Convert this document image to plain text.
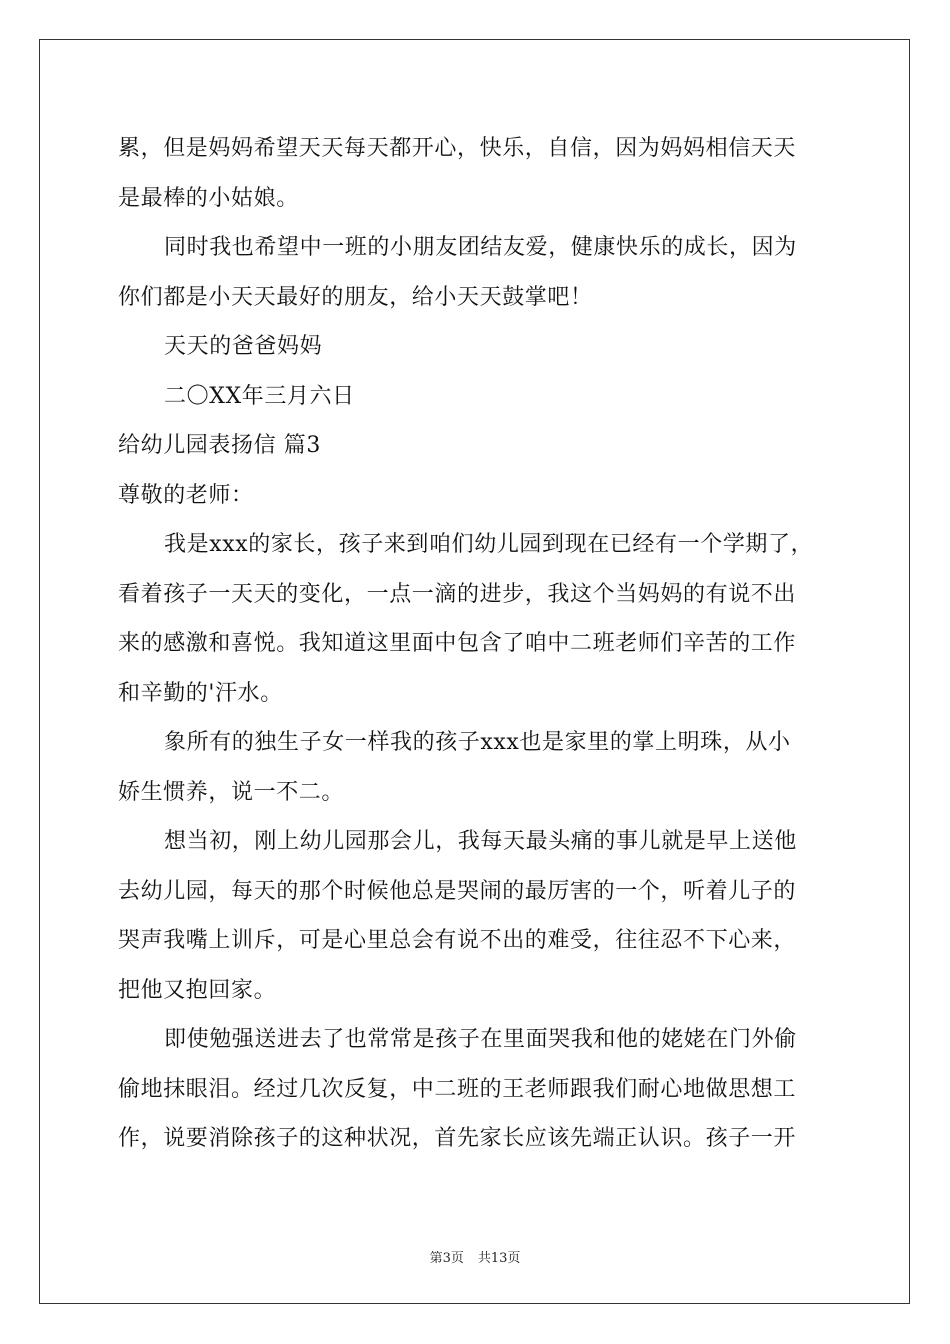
累，但是妈妈希望天天每天都开心，快乐，自信，因为妈妈相信天天
是最棒的小姑娘。
同时我也希望中一班的小朋友团结友爱，健康快乐的成长，因为
你们都是小天天最好的朋友，给小天天鼓掌吧！
天天的爸爸妈妈
二〇XX年三月六日
给幼儿园表扬信 篇3
尊敬的老师：
我是xxx的家长，孩子来到咱们幼儿园到现在已经有一个学期了，
看着孩子一天天的变化，一点一滴的进步，我这个当妈妈的有说不出
来的感激和喜悦。我知道这里面中包含了咱中二班老师们辛苦的工作
和辛勤的'汗水。
象所有的独生子女一样我的孩子xxx也是家里的掌上明珠，从小
娇生惯养，说一不二。
想当初，刚上幼儿园那会儿，我每天最头痛的事儿就是早上送他
去幼儿园，每天的那个时候他总是哭闹的最厉害的一个，听着儿子的
哭声我嘴上训斥，可是心里总会有说不出的难受，往往忍不下心来，
把他又抱回家。
即使勉强送进去了也常常是孩子在里面哭我和他的姥姥在门外偷
偷地抹眼泪。经过几次反复，中二班的王老师跟我们耐心地做思想工
作，说要消除孩子的这种状况，首先家长应该先端正认识。孩子一开
第3页 共13页
